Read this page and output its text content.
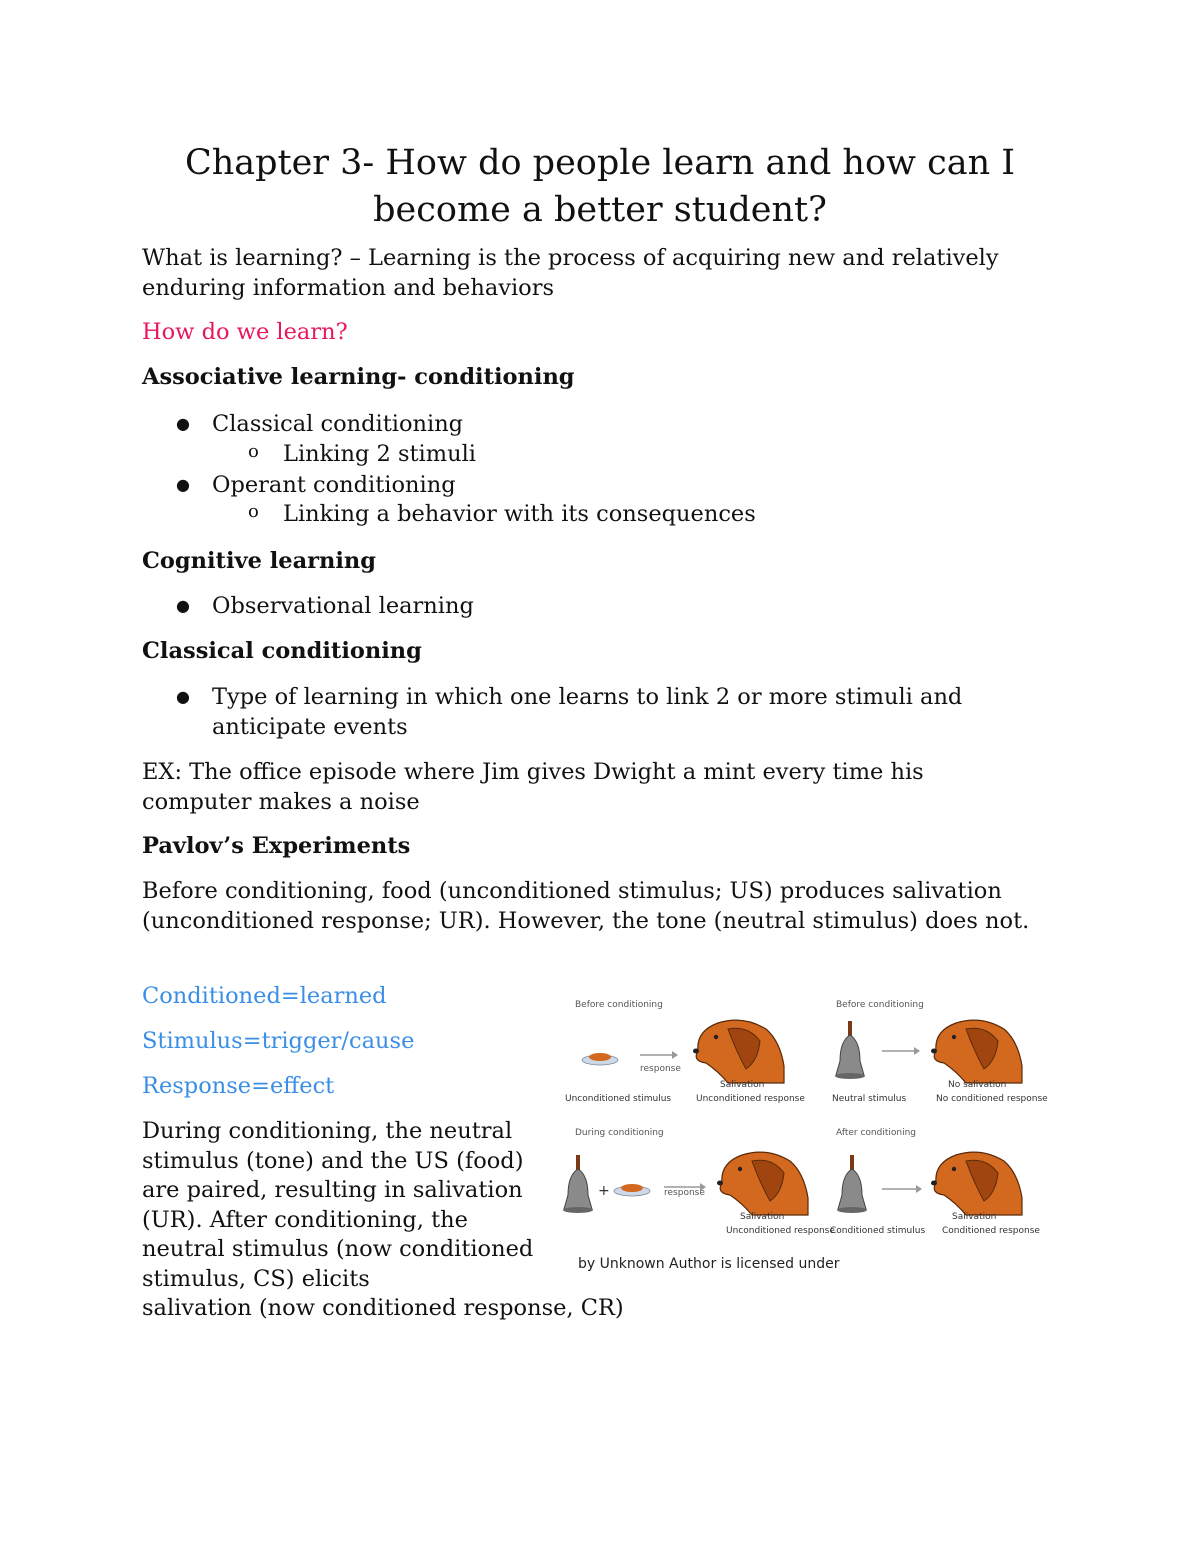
Chapter 3- How do people learn and how can I become a better student?

What is learning? – Learning is the process of acquiring new and relatively enduring information and behaviors

How do we learn?

Associative learning- conditioning

● Classical conditioning

o Linking 2 stimuli

● Operant conditioning

o Linking a behavior with its consequences

Cognitive learning

● Observational learning

Classical conditioning

● Type of learning in which one learns to link 2 or more stimuli and anticipate events

EX: The office episode where Jim gives Dwight a mint every time his computer makes a noise

Pavlov’s Experiments

Before conditioning, food (unconditioned stimulus; US) produces salivation (unconditioned response; UR). However, the tone (neutral stimulus) does not.

Conditioned=learned

Stimulus=trigger/cause

Response=effect

During conditioning, the neutral stimulus (tone) and the US (food) are paired, resulting in salivation (UR). After conditioning, the neutral stimulus (now conditioned stimulus, CS) elicits

salivation (now conditioned response, CR)

Before conditioning	Before conditioning
During conditioning	After conditioning
response
Salivation
Unconditioned stimulus	Unconditioned response
No salivation
Neutral stimulus	No conditioned response
+	response
Salivation
Unconditioned response
Salivation
Conditioned stimulus Conditioned response
by Unknown Author is licensed under
